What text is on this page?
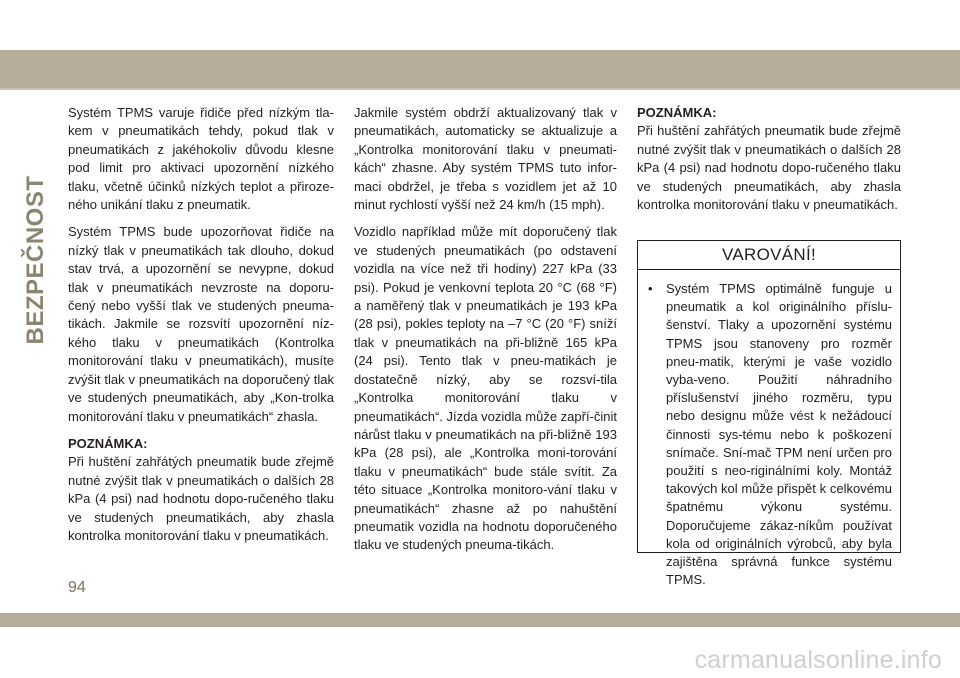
BEZPEČNOST

Systém TPMS varuje řidiče před nízkým tla-kem v pneumatikách tehdy, pokud tlak v pneumatikách z jakéhokoliv důvodu klesne pod limit pro aktivaci upozornění nízkého tlaku, včetně účinků nízkých teplot a přiroze-ného unikání tlaku z pneumatik.

Systém TPMS bude upozorňovat řidiče na nízký tlak v pneumatikách tak dlouho, dokud stav trvá, a upozornění se nevypne, dokud tlak v pneumatikách nevzroste na doporu-čený nebo vyšší tlak ve studených pneuma-tikách. Jakmile se rozsvítí upozornění níz-kého tlaku v pneumatikách (Kontrolka monitorování tlaku v pneumatikách), musíte zvýšit tlak v pneumatikách na doporučený tlak ve studených pneumatikách, aby „Kon-trolka monitorování tlaku v pneumatikách“ zhasla.

POZNÁMKA:

Při huštění zahřátých pneumatik bude zřejmě nutné zvýšit tlak v pneumatikách o dalších 28 kPa (4 psi) nad hodnotu dopo-ručeného tlaku ve studených pneumatikách, aby zhasla kontrolka monitorování tlaku v pneumatikách.

Jakmile systém obdrží aktualizovaný tlak v pneumatikách, automaticky se aktualizuje a „Kontrolka monitorování tlaku v pneumati-kách“ zhasne. Aby systém TPMS tuto infor-maci obdržel, je třeba s vozidlem jet až 10 minut rychlostí vyšší než 24 km/h (15 mph).

Vozidlo například může mít doporučený tlak ve studených pneumatikách (po odstavení vozidla na více než tři hodiny) 227 kPa (33 psi). Pokud je venkovní teplota 20 °C (68 °F) a naměřený tlak v pneumatikách je 193 kPa (28 psi), pokles teploty na –7 °C (20 °F) sníží tlak v pneumatikách na při-bližně 165 kPa (24 psi). Tento tlak v pneu-matikách je dostatečně nízký, aby se rozsví-tila „Kontrolka monitorování tlaku v pneumatikách“. Jízda vozidla může zapří-činit nárůst tlaku v pneumatikách na při-bližně 193 kPa (28 psi), ale „Kontrolka moni-torování tlaku v pneumatikách“ bude stále svítit. Za této situace „Kontrolka monitoro-vání tlaku v pneumatikách“ zhasne až po nahuštění pneumatik vozidla na hodnotu doporučeného tlaku ve studených pneuma-tikách.

POZNÁMKA:

Při huštění zahřátých pneumatik bude zřejmě nutné zvýšit tlak v pneumatikách o dalších 28 kPa (4 psi) nad hodnotu dopo-ručeného tlaku ve studených pneumatikách, aby zhasla kontrolka monitorování tlaku v pneumatikách.

VAROVÁNÍ!
• Systém TPMS optimálně funguje u pneumatik a kol originálního příslu-šenství. Tlaky a upozornění systému TPMS jsou stanoveny pro rozměr pneu-matik, kterými je vaše vozidlo vyba-veno. Použití náhradního příslušenství jiného rozměru, typu nebo designu může vést k nežádoucí činnosti sys-tému nebo k poškození snímače. Sní-mač TPM není určen pro použití s neo-riginálními koly. Montáž takových kol může přispět k celkovému špatnému výkonu systému. Doporučujeme zákaz-níkům používat kola od originálních výrobců, aby byla zajištěna správná funkce systému TPMS.
94
carmanualsonline.info
